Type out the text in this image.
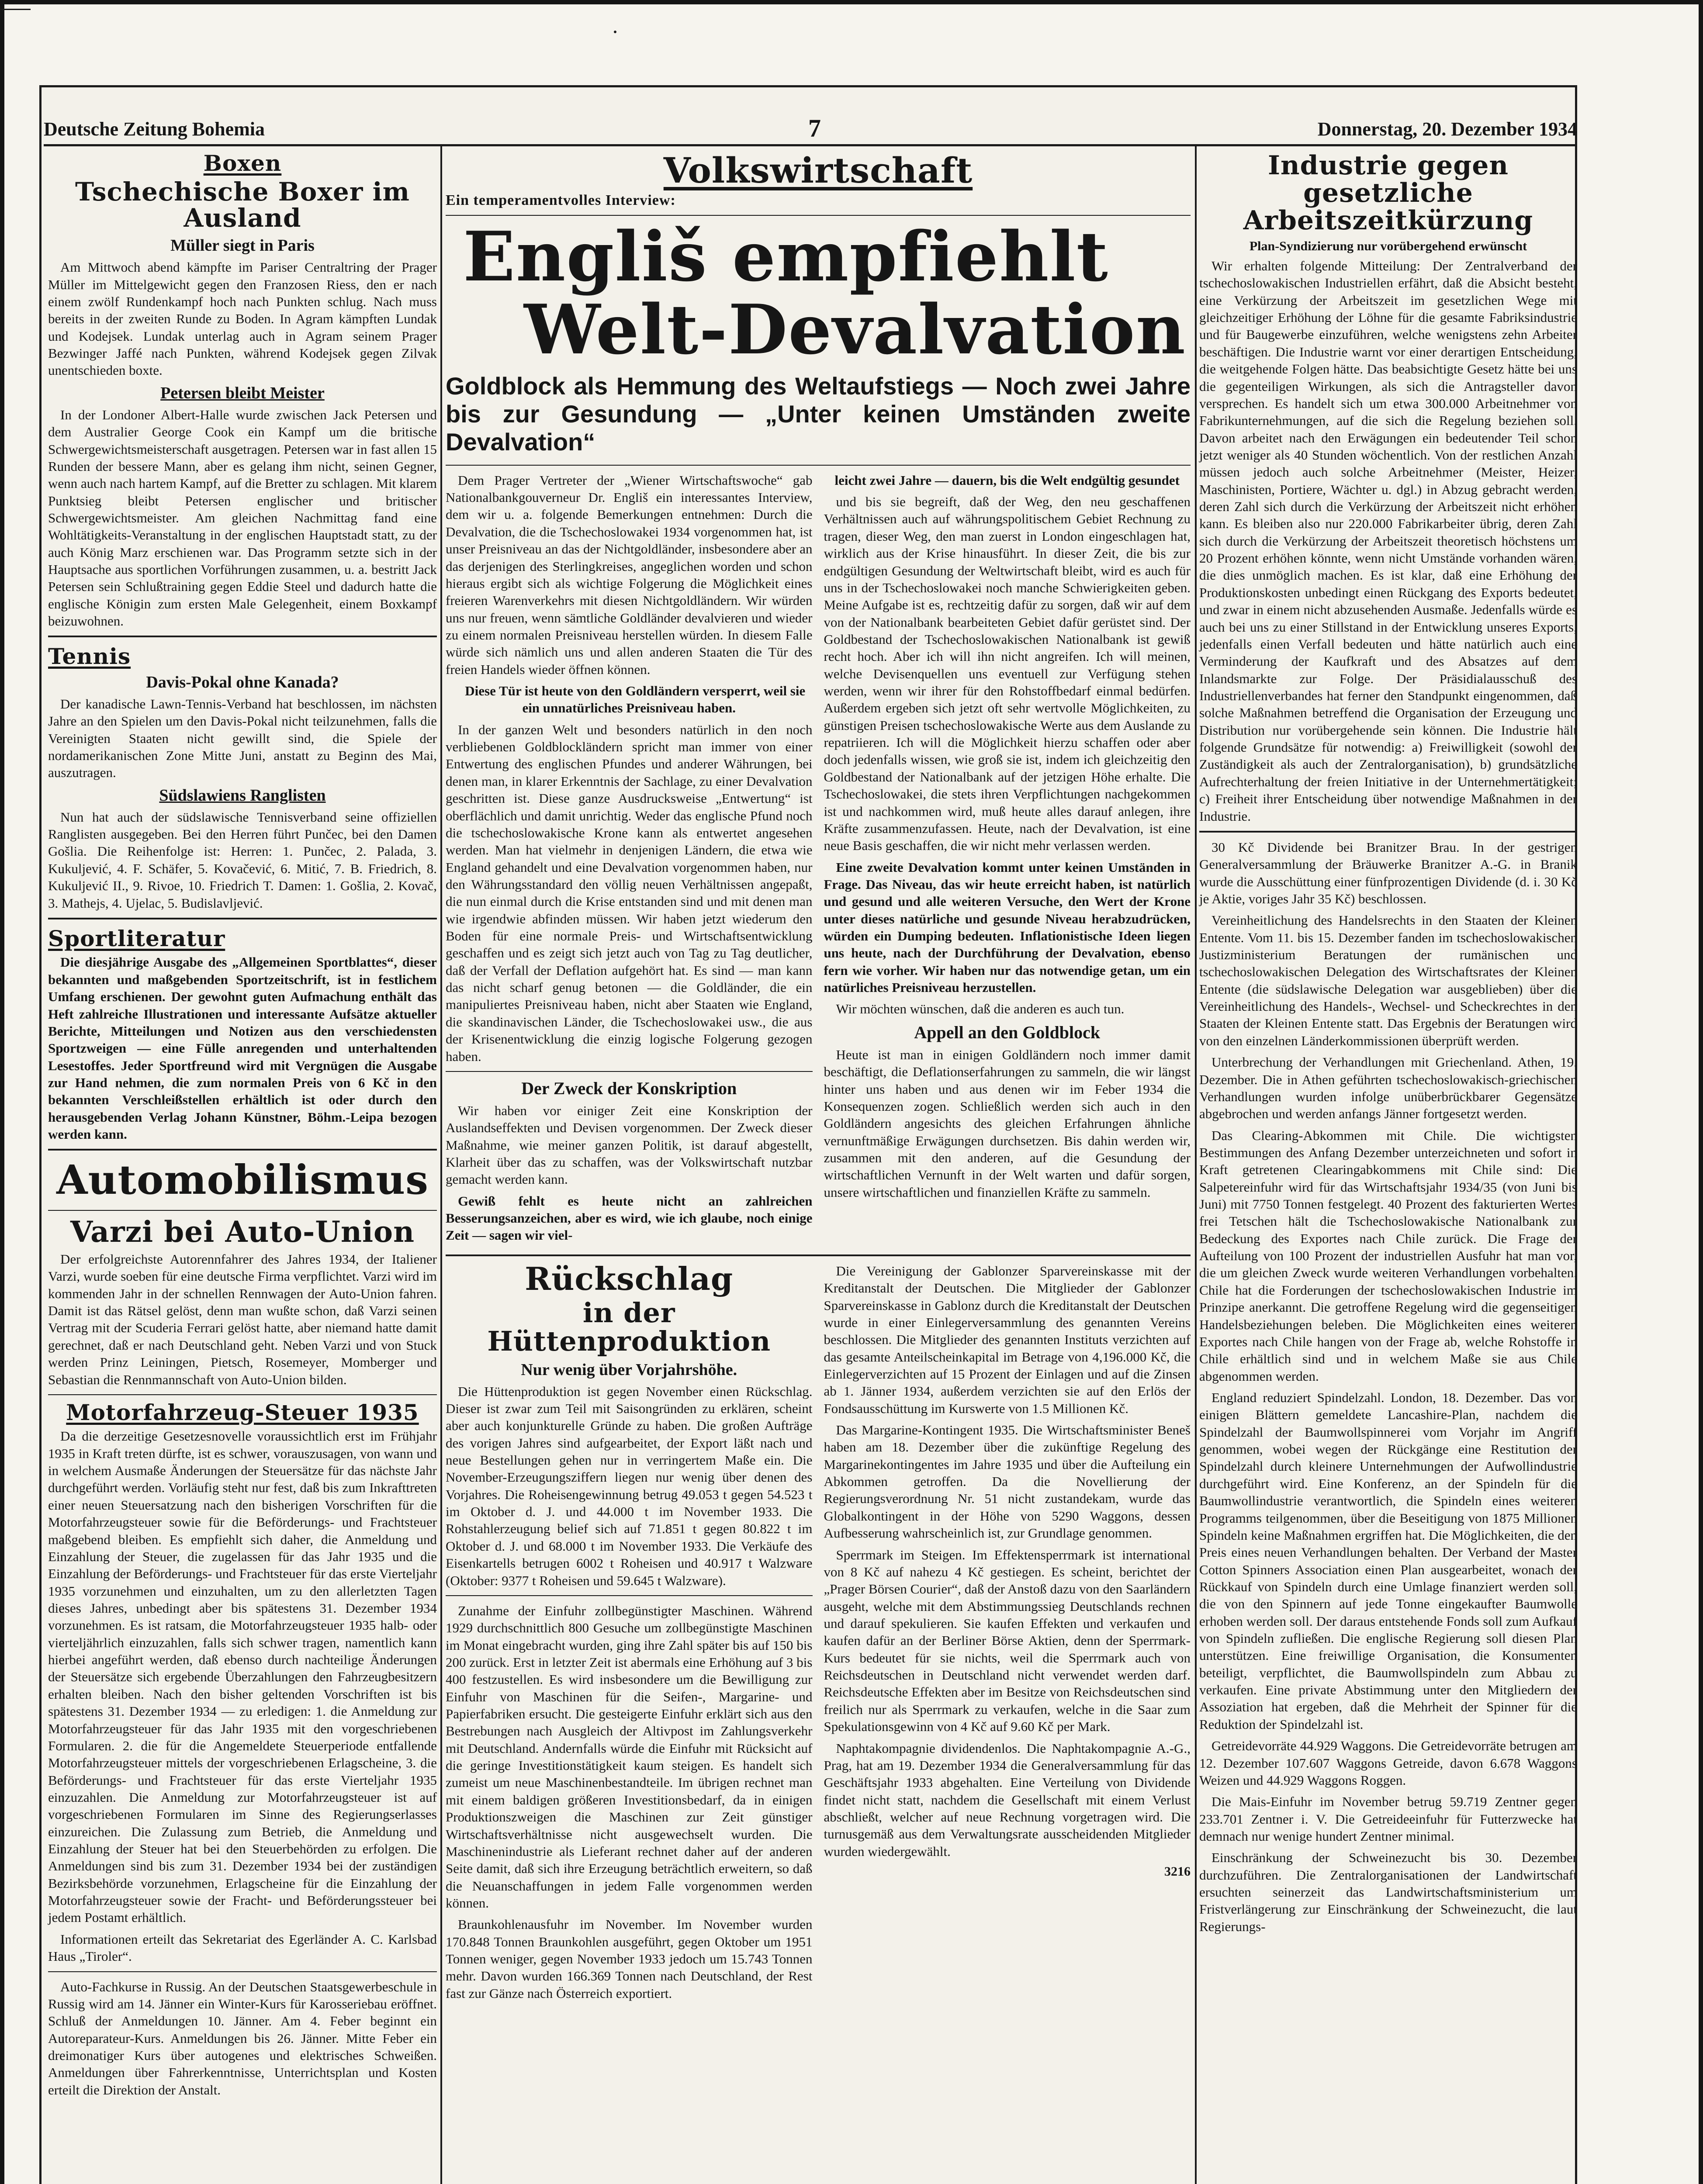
Deutsche Zeitung Bohemia	7	Donnerstag, 20. Dezember 1934
Boxen
Tschechische Boxer im Ausland
Müller siegt in Paris

Am Mittwoch abend kämpfte im Pariser Centraltring der Prager Müller im Mittelgewicht gegen den Franzosen Riess, den er nach einem zwölf Rundenkampf hoch nach Punkten schlug. Nach muss bereits in der zweiten Runde zu Boden. In Agram kämpften Lundak und Kodejsek. Lundak unterlag auch in Agram seinem Prager Bezwinger Jaffé nach Punkten, während Kodejsek gegen Zilvak unentschieden boxte.

Petersen bleibt Meister

In der Londoner Albert-Halle wurde zwischen Jack Petersen und dem Australier George Cook ein Kampf um die britische Schwergewichtsmeisterschaft ausgetragen. Petersen war in fast allen 15 Runden der bessere Mann, aber es gelang ihm nicht, seinen Gegner, wenn auch nach hartem Kampf, auf die Bretter zu schlagen. Mit klarem Punktsieg bleibt Petersen englischer und britischer Schwergewichtsmeister. Am gleichen Nachmittag fand eine Wohltätigkeits-Veranstaltung in der englischen Hauptstadt statt, zu der auch König Marz erschienen war. Das Programm setzte sich in der Hauptsache aus sportlichen Vorführungen zusammen, u. a. bestritt Jack Petersen sein Schlußtraining gegen Eddie Steel und dadurch hatte die englische Königin zum ersten Male Gelegenheit, einem Boxkampf beizuwohnen.

Tennis
Davis-Pokal ohne Kanada?

Der kanadische Lawn-Tennis-Verband hat beschlossen, im nächsten Jahre an den Spielen um den Davis-Pokal nicht teilzunehmen, falls die Vereinigten Staaten nicht gewillt sind, die Spiele der nordamerikanischen Zone Mitte Juni, anstatt zu Beginn des Mai, auszutragen.

Südslawiens Ranglisten

Nun hat auch der südslawische Tennisverband seine offiziellen Ranglisten ausgegeben. Bei den Herren führt Punčec, bei den Damen Gošlia. Die Reihenfolge ist: Herren: 1. Punčec, 2. Palada, 3. Kukuljević, 4. F. Schäfer, 5. Kovačević, 6. Mitić, 7. B. Friedrich, 8. Kukuljević II., 9. Rivoe, 10. Friedrich T. Damen: 1. Gošlia, 2. Kovač, 3. Mathejs, 4. Ujelac, 5. Budislavljević.

Sportliteratur

Die diesjährige Ausgabe des „Allgemeinen Sportblattes“, dieser bekannten und maßgebenden Sportzeitschrift, ist in festlichem Umfang erschienen. Der gewohnt guten Aufmachung enthält das Heft zahlreiche Illustrationen und interessante Aufsätze aktueller Berichte, Mitteilungen und Notizen aus den verschiedensten Sportzweigen — eine Fülle anregenden und unterhaltenden Lesestoffes. Jeder Sportfreund wird mit Vergnügen die Ausgabe zur Hand nehmen, die zum normalen Preis von 6 Kč in den bekannten Verschleißstellen erhältlich ist oder durch den herausgebenden Verlag Johann Künstner, Böhm.-Leipa bezogen werden kann.

Automobilismus
Varzi bei Auto-Union

Der erfolgreichste Autorennfahrer des Jahres 1934, der Italiener Varzi, wurde soeben für eine deutsche Firma verpflichtet. Varzi wird im kommenden Jahr in der schnellen Rennwagen der Auto-Union fahren. Damit ist das Rätsel gelöst, denn man wußte schon, daß Varzi seinen Vertrag mit der Scuderia Ferrari gelöst hatte, aber niemand hatte damit gerechnet, daß er nach Deutschland geht. Neben Varzi und von Stuck werden Prinz Leiningen, Pietsch, Rosemeyer, Momberger und Sebastian die Rennmannschaft von Auto-Union bilden.

Motorfahrzeug-Steuer 1935

Da die derzeitige Gesetzesnovelle voraussichtlich erst im Frühjahr 1935 in Kraft treten dürfte, ist es schwer, vorauszusagen, von wann und in welchem Ausmaße Änderungen der Steuersätze für das nächste Jahr durchgeführt werden. Vorläufig steht nur fest, daß bis zum Inkrafttreten einer neuen Steuersatzung nach den bisherigen Vorschriften für die Motorfahrzeugsteuer sowie für die Beförderungs- und Frachtsteuer maßgebend bleiben. Es empfiehlt sich daher, die Anmeldung und Einzahlung der Steuer, die zugelassen für das Jahr 1935 und die Einzahlung der Beförderungs- und Frachtsteuer für das erste Vierteljahr 1935 vorzunehmen und einzuhalten, um zu den allerletzten Tagen dieses Jahres, unbedingt aber bis spätestens 31. Dezember 1934 vorzunehmen. Es ist ratsam, die Motorfahrzeugsteuer 1935 halb- oder vierteljährlich einzuzahlen, falls sich schwer tragen, namentlich kann hierbei angeführt werden, daß ebenso durch nachteilige Änderungen der Steuersätze sich ergebende Überzahlungen den Fahrzeugbesitzern erhalten bleiben. Nach den bisher geltenden Vorschriften ist bis spätestens 31. Dezember 1934 — zu erledigen: 1. die Anmeldung zur Motorfahrzeugsteuer für das Jahr 1935 mit den vorgeschriebenen Formularen. 2. die für die Angemeldete Steuerperiode entfallende Motorfahrzeugsteuer mittels der vorgeschriebenen Erlagscheine, 3. die Beförderungs- und Frachtsteuer für das erste Vierteljahr 1935 einzuzahlen. Die Anmeldung zur Motorfahrzeugsteuer ist auf vorgeschriebenen Formularen im Sinne des Regierungserlasses einzureichen. Die Zulassung zum Betrieb, die Anmeldung und Einzahlung der Steuer hat bei den Steuerbehörden zu erfolgen. Die Anmeldungen sind bis zum 31. Dezember 1934 bei der zuständigen Bezirksbehörde vorzunehmen, Erlagscheine für die Einzahlung der Motorfahrzeugsteuer sowie der Fracht- und Beförderungssteuer bei jedem Postamt erhältlich.

Informationen erteilt das Sekretariat des Egerländer A. C. Karlsbad Haus „Tiroler“.

Auto-Fachkurse in Russig. An der Deutschen Staatsgewerbeschule in Russig wird am 14. Jänner ein Winter-Kurs für Karosseriebau eröffnet. Schluß der Anmeldungen 10. Jänner. Am 4. Feber beginnt ein Autoreparateur-Kurs. Anmeldungen bis 26. Jänner. Mitte Feber ein dreimonatiger Kurs über autogenes und elektrisches Schweißen. Anmeldungen über Fahrerkenntnisse, Unterrichtsplan und Kosten erteilt die Direktion der Anstalt.

Volkswirtschaft
Ein temperamentvolles Interview:
Engliš empfiehlt
Welt-Devalvation
Goldblock als Hemmung des Weltaufstiegs — Noch zwei Jahre bis zur Gesundung — „Unter keinen Umständen zweite Devalvation“

Dem Prager Vertreter der „Wiener Wirtschaftswoche“ gab Nationalbankgouverneur Dr. Engliš ein interessantes Interview, dem wir u. a. folgende Bemerkungen entnehmen: Durch die Devalvation, die die Tschechoslowakei 1934 vorgenommen hat, ist unser Preisniveau an das der Nichtgoldländer, insbesondere aber an das derjenigen des Sterlingkreises, angeglichen worden und schon hieraus ergibt sich als wichtige Folgerung die Möglichkeit eines freieren Warenverkehrs mit diesen Nichtgoldländern. Wir würden uns nur freuen, wenn sämtliche Goldländer devalvieren und wieder zu einem normalen Preisniveau herstellen würden. In diesem Falle würde sich nämlich uns und allen anderen Staaten die Tür des freien Handels wieder öffnen können.

Diese Tür ist heute von den Goldländern versperrt, weil sie ein unnatürliches Preisniveau haben.

In der ganzen Welt und besonders natürlich in den noch verbliebenen Goldblockländern spricht man immer von einer Entwertung des englischen Pfundes und anderer Währungen, bei denen man, in klarer Erkenntnis der Sachlage, zu einer Devalvation geschritten ist. Diese ganze Ausdrucksweise „Entwertung“ ist oberflächlich und damit unrichtig. Weder das englische Pfund noch die tschechoslowakische Krone kann als entwertet angesehen werden. Man hat vielmehr in denjenigen Ländern, die etwa wie England gehandelt und eine Devalvation vorgenommen haben, nur den Währungsstandard den völlig neuen Verhältnissen angepaßt, die nun einmal durch die Krise entstanden sind und mit denen man wie irgendwie abfinden müssen. Wir haben jetzt wiederum den Boden für eine normale Preis- und Wirtschaftsentwicklung geschaffen und es zeigt sich jetzt auch von Tag zu Tag deutlicher, daß der Verfall der Deflation aufgehört hat. Es sind — man kann das nicht scharf genug betonen — die Goldländer, die ein manipuliertes Preisniveau haben, nicht aber Staaten wie England, die skandinavischen Länder, die Tschechoslowakei usw., die aus der Krisenentwicklung die einzig logische Folgerung gezogen haben.

Der Zweck der Konskription

Wir haben vor einiger Zeit eine Konskription der Auslandseffekten und Devisen vorgenommen. Der Zweck dieser Maßnahme, wie meiner ganzen Politik, ist darauf abgestellt, Klarheit über das zu schaffen, was der Volkswirtschaft nutzbar gemacht werden kann.

Gewiß fehlt es heute nicht an zahlreichen Besserungsanzeichen, aber es wird, wie ich glaube, noch einige Zeit — sagen wir viel-

leicht zwei Jahre — dauern, bis die Welt endgültig gesundet

und bis sie begreift, daß der Weg, den neu geschaffenen Verhältnissen auch auf währungspolitischem Gebiet Rechnung zu tragen, dieser Weg, den man zuerst in London eingeschlagen hat, wirklich aus der Krise hinausführt. In dieser Zeit, die bis zur endgültigen Gesundung der Weltwirtschaft bleibt, wird es auch für uns in der Tschechoslowakei noch manche Schwierigkeiten geben. Meine Aufgabe ist es, rechtzeitig dafür zu sorgen, daß wir auf dem von der Nationalbank bearbeiteten Gebiet dafür gerüstet sind. Der Goldbestand der Tschechoslowakischen Nationalbank ist gewiß recht hoch. Aber ich will ihn nicht angreifen. Ich will meinen, welche Devisenquellen uns eventuell zur Verfügung stehen werden, wenn wir ihrer für den Rohstoffbedarf einmal bedürfen. Außerdem ergeben sich jetzt oft sehr wertvolle Möglichkeiten, zu günstigen Preisen tschechoslowakische Werte aus dem Auslande zu repatriieren. Ich will die Möglichkeit hierzu schaffen oder aber doch jedenfalls wissen, wie groß sie ist, indem ich gleichzeitig den Goldbestand der Nationalbank auf der jetzigen Höhe erhalte. Die Tschechoslowakei, die stets ihren Verpflichtungen nachgekommen ist und nachkommen wird, muß heute alles darauf anlegen, ihre Kräfte zusammenzufassen. Heute, nach der Devalvation, ist eine neue Basis geschaffen, die wir nicht mehr verlassen werden.

Eine zweite Devalvation kommt unter keinen Umständen in Frage. Das Niveau, das wir heute erreicht haben, ist natürlich und gesund und alle weiteren Versuche, den Wert der Krone unter dieses natürliche und gesunde Niveau herabzudrücken, würden ein Dumping bedeuten. Inflationistische Ideen liegen uns heute, nach der Durchführung der Devalvation, ebenso fern wie vorher. Wir haben nur das notwendige getan, um ein natürliches Preisniveau herzustellen.

Wir möchten wünschen, daß die anderen es auch tun.

Appell an den Goldblock

Heute ist man in einigen Goldländern noch immer damit beschäftigt, die Deflationserfahrungen zu sammeln, die wir längst hinter uns haben und aus denen wir im Feber 1934 die Konsequenzen zogen. Schließlich werden sich auch in den Goldländern angesichts des gleichen Erfahrungen ähnliche vernunftmäßige Erwägungen durchsetzen. Bis dahin werden wir, zusammen mit den anderen, auf die Gesundung der wirtschaftlichen Vernunft in der Welt warten und dafür sorgen, unsere wirtschaftlichen und finanziellen Kräfte zu sammeln.

Rückschlag
in der Hüttenproduktion
Nur wenig über Vorjahrshöhe.

Die Hüttenproduktion ist gegen November einen Rückschlag. Dieser ist zwar zum Teil mit Saisongründen zu erklären, scheint aber auch konjunkturelle Gründe zu haben. Die großen Aufträge des vorigen Jahres sind aufgearbeitet, der Export läßt nach und neue Bestellungen gehen nur in verringertem Maße ein. Die November-Erzeugungsziffern liegen nur wenig über denen des Vorjahres. Die Roheisengewinnung betrug 49.053 t gegen 54.523 t im Oktober d. J. und 44.000 t im November 1933. Die Rohstahlerzeugung belief sich auf 71.851 t gegen 80.822 t im Oktober d. J. und 68.000 t im November 1933. Die Verkäufe des Eisenkartells betrugen 6002 t Roheisen und 40.917 t Walzware (Oktober: 9377 t Roheisen und 59.645 t Walzware).

Zunahme der Einfuhr zollbegünstigter Maschinen. Während 1929 durchschnittlich 800 Gesuche um zollbegünstigte Maschinen im Monat eingebracht wurden, ging ihre Zahl später bis auf 150 bis 200 zurück. Erst in letzter Zeit ist abermals eine Erhöhung auf 3 bis 400 festzustellen. Es wird insbesondere um die Bewilligung zur Einfuhr von Maschinen für die Seifen-, Margarine- und Papierfabriken ersucht. Die gesteigerte Einfuhr erklärt sich aus den Bestrebungen nach Ausgleich der Altivpost im Zahlungsverkehr mit Deutschland. Andernfalls würde die Einfuhr mit Rücksicht auf die geringe Investitionstätigkeit kaum steigen. Es handelt sich zumeist um neue Maschinenbestandteile. Im übrigen rechnet man mit einem baldigen größeren Investitionsbedarf, da in einigen Produktionszweigen die Maschinen zur Zeit günstiger Wirtschaftsverhältnisse nicht ausgewechselt wurden. Die Maschinenindustrie als Lieferant rechnet daher auf der anderen Seite damit, daß sich ihre Erzeugung beträchtlich erweitern, so daß die Neuanschaffungen in jedem Falle vorgenommen werden können.

Braunkohlenausfuhr im November. Im November wurden 170.848 Tonnen Braunkohlen ausgeführt, gegen Oktober um 1951 Tonnen weniger, gegen November 1933 jedoch um 15.743 Tonnen mehr. Davon wurden 166.369 Tonnen nach Deutschland, der Rest fast zur Gänze nach Österreich exportiert.

Die Vereinigung der Gablonzer Sparvereinskasse mit der Kreditanstalt der Deutschen. Die Mitglieder der Gablonzer Sparvereinskasse in Gablonz durch die Kreditanstalt der Deutschen wurde in einer Einlegerversammlung des genannten Vereins beschlossen. Die Mitglieder des genannten Instituts verzichten auf das gesamte Anteilscheinkapital im Betrage von 4,196.000 Kč, die Einlegerverzichten auf 15 Prozent der Einlagen und auf die Zinsen ab 1. Jänner 1934, außerdem verzichten sie auf den Erlös der Fondsausschüttung im Kurswerte von 1.5 Millionen Kč.

Das Margarine-Kontingent 1935. Die Wirtschaftsminister Beneš haben am 18. Dezember über die zukünftige Regelung des Margarinekontingentes im Jahre 1935 und über die Aufteilung ein Abkommen getroffen. Da die Novellierung der Regierungsverordnung Nr. 51 nicht zustandekam, wurde das Globalkontingent in der Höhe von 5290 Waggons, dessen Aufbesserung wahrscheinlich ist, zur Grundlage genommen.

Sperrmark im Steigen. Im Effektensperrmark ist international von 8 Kč auf nahezu 4 Kč gestiegen. Es scheint, berichtet der „Prager Börsen Courier“, daß der Anstoß dazu von den Saarländern ausgeht, welche mit dem Abstimmungssieg Deutschlands rechnen und darauf spekulieren. Sie kaufen Effekten und verkaufen und kaufen dafür an der Berliner Börse Aktien, denn der Sperrmark-Kurs bedeutet für sie nichts, weil die Sperrmark auch von Reichsdeutschen in Deutschland nicht verwendet werden darf. Reichsdeutsche Effekten aber im Besitze von Reichsdeutschen sind freilich nur als Sperrmark zu verkaufen, welche in die Saar zum Spekulationsgewinn von 4 Kč auf 9.60 Kč per Mark.

Naphtakompagnie dividendenlos. Die Naphtakompagnie A.-G., Prag, hat am 19. Dezember 1934 die Generalversammlung für das Geschäftsjahr 1933 abgehalten. Eine Verteilung von Dividende findet nicht statt, nachdem die Gesellschaft mit einem Verlust abschließt, welcher auf neue Rechnung vorgetragen wird. Die turnusgemäß aus dem Verwaltungsrate ausscheidenden Mitglieder wurden wiedergewählt.

3216
Industrie gegen gesetzliche Arbeitszeitkürzung
Plan-Syndizierung nur vorübergehend erwünscht

Wir erhalten folgende Mitteilung: Der Zentralverband der tschechoslowakischen Industriellen erfährt, daß die Absicht besteht, eine Verkürzung der Arbeitszeit im gesetzlichen Wege mit gleichzeitiger Erhöhung der Löhne für die gesamte Fabriksindustrie und für Baugewerbe einzuführen, welche wenigstens zehn Arbeiter beschäftigen. Die Industrie warnt vor einer derartigen Entscheidung, die weitgehende Folgen hätte. Das beabsichtigte Gesetz hätte bei uns die gegenteiligen Wirkungen, als sich die Antragsteller davon versprechen. Es handelt sich um etwa 300.000 Arbeitnehmer von Fabrikunternehmungen, auf die sich die Regelung beziehen soll. Davon arbeitet nach den Erwägungen ein bedeutender Teil schon jetzt weniger als 40 Stunden wöchentlich. Von der restlichen Anzahl müssen jedoch auch solche Arbeitnehmer (Meister, Heizer, Maschinisten, Portiere, Wächter u. dgl.) in Abzug gebracht werden, deren Zahl sich durch die Verkürzung der Arbeitszeit nicht erhöhen kann. Es bleiben also nur 220.000 Fabrikarbeiter übrig, deren Zahl sich durch die Verkürzung der Arbeitszeit theoretisch höchstens um 20 Prozent erhöhen könnte, wenn nicht Umstände vorhanden wären, die dies unmöglich machen. Es ist klar, daß eine Erhöhung der Produktionskosten unbedingt einen Rückgang des Exports bedeutet, und zwar in einem nicht abzusehenden Ausmaße. Jedenfalls würde es auch bei uns zu einer Stillstand in der Entwicklung unseres Exports, jedenfalls einen Verfall bedeuten und hätte natürlich auch eine Verminderung der Kaufkraft und des Absatzes auf dem Inlandsmarkte zur Folge. Der Präsidialausschuß des Industriellenverbandes hat ferner den Standpunkt eingenommen, daß solche Maßnahmen betreffend die Organisation der Erzeugung und Distribution nur vorübergehende sein können. Die Industrie hält folgende Grundsätze für notwendig: a) Freiwilligkeit (sowohl der Zuständigkeit als auch der Zentralorganisation), b) grundsätzliche Aufrechterhaltung der freien Initiative in der Unternehmertätigkeit; c) Freiheit ihrer Entscheidung über notwendige Maßnahmen in der Industrie.

30 Kč Dividende bei Branitzer Brau. In der gestrigen Generalversammlung der Bräuwerke Branitzer A.-G. in Branik wurde die Ausschüttung einer fünfprozentigen Dividende (d. i. 30 Kč je Aktie, voriges Jahr 35 Kč) beschlossen.

Vereinheitlichung des Handelsrechts in den Staaten der Kleinen Entente. Vom 11. bis 15. Dezember fanden im tschechoslowakischen Justizministerium Beratungen der rumänischen und tschechoslowakischen Delegation des Wirtschaftsrates der Kleinen Entente (die südslawische Delegation war ausgeblieben) über die Vereinheitlichung des Handels-, Wechsel- und Scheckrechtes in den Staaten der Kleinen Entente statt. Das Ergebnis der Beratungen wird von den einzelnen Länderkommissionen überprüft werden.

Unterbrechung der Verhandlungen mit Griechenland. Athen, 19. Dezember. Die in Athen geführten tschechoslowakisch-griechischen Verhandlungen wurden infolge unüberbrückbarer Gegensätze abgebrochen und werden anfangs Jänner fortgesetzt werden.

Das Clearing-Abkommen mit Chile. Die wichtigsten Bestimmungen des Anfang Dezember unterzeichneten und sofort in Kraft getretenen Clearingabkommens mit Chile sind: Die Salpetereinfuhr wird für das Wirtschaftsjahr 1934/35 (von Juni bis Juni) mit 7750 Tonnen festgelegt. 40 Prozent des fakturierten Wertes frei Tetschen hält die Tschechoslowakische Nationalbank zur Bedeckung des Exportes nach Chile zurück. Die Frage der Aufteilung von 100 Prozent der industriellen Ausfuhr hat man vor, die um gleichen Zweck wurde weiteren Verhandlungen vorbehalten. Chile hat die Forderungen der tschechoslowakischen Industrie im Prinzipe anerkannt. Die getroffene Regelung wird die gegenseitigen Handelsbeziehungen beleben. Die Möglichkeiten eines weiteren Exportes nach Chile hangen von der Frage ab, welche Rohstoffe in Chile erhältlich sind und in welchem Maße sie aus Chile abgenommen werden.

England reduziert Spindelzahl. London, 18. Dezember. Das von einigen Blättern gemeldete Lancashire-Plan, nachdem die Spindelzahl der Baumwollspinnerei vom Vorjahr im Angriff genommen, wobei wegen der Rückgänge eine Restitution der Spindelzahl durch kleinere Unternehmungen der Aufwollindustrie durchgeführt wird. Eine Konferenz, an der Spindeln für die Baumwollindustrie verantwortlich, die Spindeln eines weiteren Programms teilgenommen, über die Beseitigung von 1875 Millionen Spindeln keine Maßnahmen ergriffen hat. Die Möglichkeiten, die den Preis eines neuen Verhandlungen behalten. Der Verband der Master Cotton Spinners Association einen Plan ausgearbeitet, wonach der Rückkauf von Spindeln durch eine Umlage finanziert werden soll, die von den Spinnern auf jede Tonne eingekaufter Baumwolle erhoben werden soll. Der daraus entstehende Fonds soll zum Aufkauf von Spindeln zufließen. Die englische Regierung soll diesen Plan unterstützen. Eine freiwillige Organisation, die Konsumenten beteiligt, verpflichtet, die Baumwollspindeln zum Abbau zu verkaufen. Eine private Abstimmung unter den Mitgliedern der Assoziation hat ergeben, daß die Mehrheit der Spinner für die Reduktion der Spindelzahl ist.

Getreidevorräte 44.929 Waggons. Die Getreidevorräte betrugen am 12. Dezember 107.607 Waggons Getreide, davon 6.678 Waggons Weizen und 44.929 Waggons Roggen.

Die Mais-Einfuhr im November betrug 59.719 Zentner gegen 233.701 Zentner i. V. Die Getreideeinfuhr für Futterzwecke hat demnach nur wenige hundert Zentner minimal.

Einschränkung der Schweinezucht bis 30. Dezember durchzuführen. Die Zentralorganisationen der Landwirtschaft ersuchten seinerzeit das Landwirtschaftsministerium um Fristverlängerung zur Einschränkung der Schweinezucht, die laut Regierungs-
